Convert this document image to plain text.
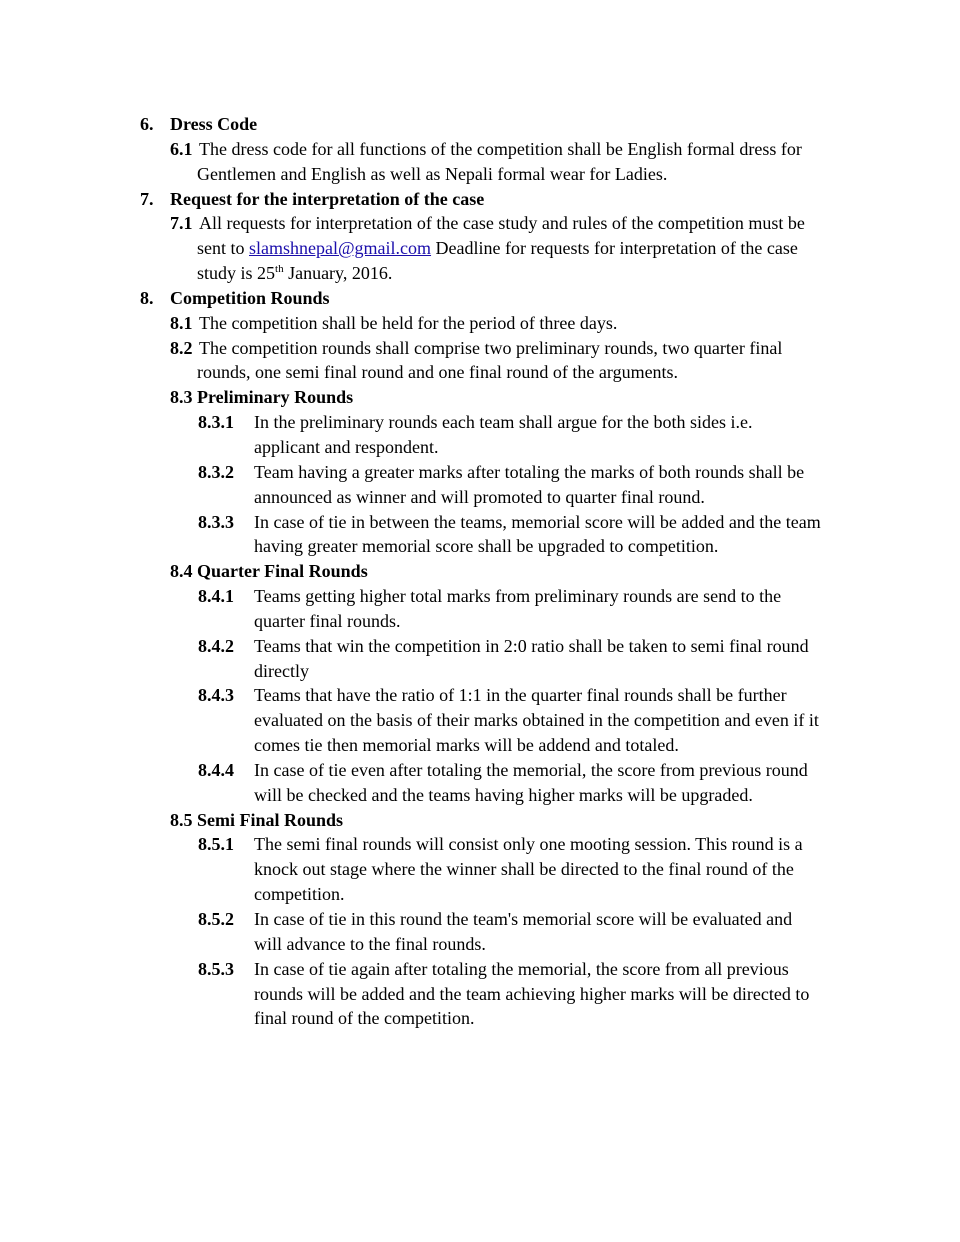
6. Dress Code
6.1 The dress code for all functions of the competition shall be English formal dress for
Gentlemen and English as well as Nepali formal wear for Ladies.
7. Request for the interpretation of the case
7.1 All requests for interpretation of the case study and rules of the competition must be
sent to slamshnepal@gmail.com Deadline for requests for interpretation of the case
study is 25th January, 2016.
8. Competition Rounds
8.1 The competition shall be held for the period of three days.
8.2 The competition rounds shall comprise two preliminary rounds, two quarter final
rounds, one semi final round and one final round of the arguments.
8.3 Preliminary Rounds
8.3.1 In the preliminary rounds each team shall argue for the both sides i.e.
applicant and respondent.
8.3.2 Team having a greater marks after totaling the marks of both rounds shall be
announced as winner and will promoted to quarter final round.
8.3.3 In case of tie in between the teams, memorial score will be added and the team
having greater memorial score shall be upgraded to competition.
8.4 Quarter Final Rounds
8.4.1 Teams getting higher total marks from preliminary rounds are send to the
quarter final rounds.
8.4.2 Teams that win the competition in 2:0 ratio shall be taken to semi final round
directly
8.4.3 Teams that have the ratio of 1:1 in the quarter final rounds shall be further
evaluated on the basis of their marks obtained in the competition and even if it
comes tie then memorial marks will be addend and totaled.
8.4.4 In case of tie even after totaling the memorial, the score from previous round
will be checked and the teams having higher marks will be upgraded.
8.5 Semi Final Rounds
8.5.1 The semi final rounds will consist only one mooting session. This round is a
knock out stage where the winner shall be directed to the final round of the
competition.
8.5.2 In case of tie in this round the team's memorial score will be evaluated and
will advance to the final rounds.
8.5.3 In case of tie again after totaling the memorial, the score from all previous
rounds will be added and the team achieving higher marks will be directed to
final round of the competition.
